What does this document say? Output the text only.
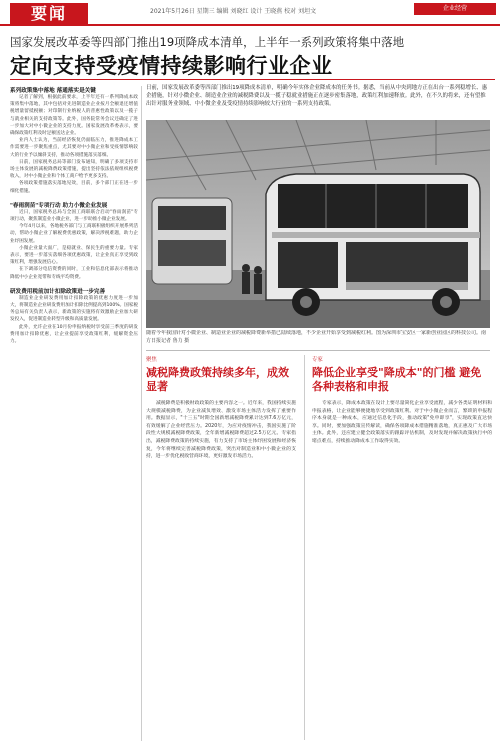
要闻	2021年5月26日 星期三 编辑 刘晓红 设计 王晓燕 校对 刘坦文	企业经营 A03
国家发展改革委等四部门推出19项降成本清单，上半年一系列政策将集中落地
定向支持受疫情持续影响行业企业
系列政策集中落地 落通落实是关键
记者了解到，根据此前要求，上半年还有一系列降成本政策将集中落地，其中包括对先进制造业企业按月全额退还增值税增量留抵税额；对印制行业纳税人的普惠性政策以及一揽子与就业相关的支持政策等。此外，国务院常务会议还确定了进一步加大对中小微企业的支持力度。国家发展改革委表示，要确保政策红利及时足额送达企业。
业内人士认为，当前经济恢复仍面临压力，推进降成本工作需要进一步聚焦重点，尤其要对中小微企业和受疫情影响较大的行业予以倾斜支持，推动各项措施落实落细。
日前，国家税务总局等部门发布通知，明确了多项支持市场主体发展的减税降费政策措施，提出坚持依法依规组织税费收入，对中小微企业和个体工商户给予更多支持。
各项政策措施落实落地见效，目前，多个部门正在进一步细化措施。
"春雨润苗"专项行动 助力小微企业发展
近日，国家税务总局与全国工商联联合启动"春雨润苗"专项行动，聚焦制造业小微企业，进一步助推小微企业发展。
今年4月以来，各地税务部门与工商联积极组织开展系列活动，帮助小微企业了解税费优惠政策，解决涉税难题，助力企业纾困发展。
小微企业量大面广，是稳就业、保民生的重要力量。专家表示，要进一步落实落细各项优惠政策，让企业真正享受到政策红利，增强发展信心。
在下调部分电信资费的同时，工业和信息化部表示将推动降低中小企业宽带和专线平均资费。
研发费用税前加计扣除政策进一步完善
制造业企业研发费用加计扣除政策的优惠力度进一步加大，将制造业企业研发费用加计扣除比例提高到100%。国家税务总局有关负责人表示，新政策的实施将有效激励企业加大研发投入，促进制造业转型升级和高质量发展。
此外，允许企业在10月份申报纳税时享受前三季度的研发费用加计扣除优惠，让企业提前享受政策红利，缓解资金压力。
日前，国家发展改革委等四部门推出19项降成本清单，明确今年实体企业降成本的任务书。据悉，当前从中央到地方正在出台一系列稳增长、惠企措施，针对小微企业、制造业企业的减税降费以及一揽子稳就业措施正在逐步密集落地，政策红利加速释放。此外，在不久的将来，还有望推出针对服务业领域、中小微企业及受疫情持续影响较大行业的一系列支持政策。
随着今年我国针对小微企业、制造业企业的减税降费新举措已陆续落地，不少企业开始享受到减税红利。图为深圳市宝安区一家新创业园区的科技公司。南方日报记者 鲁力 摄
聚焦
减税降费政策持续多年，成效显著
减税降费是积极财政政策的主要内容之一。近年来，我国持续实施大规模减税降费，为企业减负增效、激发市场主体活力发挥了重要作用。数据显示，"十三五"时期全国新增减税降费累计达到7.6万亿元，有效缓解了企业经营压力。2020年，为应对疫情冲击，我国实施了阶段性大规模减税降费政策，全年新增减税降费超过2.5万亿元。专家指出，减税降费政策的持续实施，有力支持了市场主体纾困发展和经济恢复，今年将继续完善减税降费政策，突出对制造业和中小微企业的支持，进一步优化税收营商环境，更好激发市场活力。
专家
降低企业享受"降成本"的门槛 避免各种表格和申报
专家表示，降成本政策在设计上要尽量简化企业享受流程，减少各类证明材料和申报表格，让企业能够便捷地享受到政策红利。对于中小微企业而言，繁琐的申报程序本身就是一种成本，应通过信息化手段，推动政策"免申即享"，实现政策直达快享。同时，要加强政策宣传解读，确保各项降成本措施精准落地，真正惠及广大市场主体。此外，还应建立健全政策落实的跟踪评估机制，及时发现并解决政策执行中的堵点难点，持续推动降成本工作取得实效。
